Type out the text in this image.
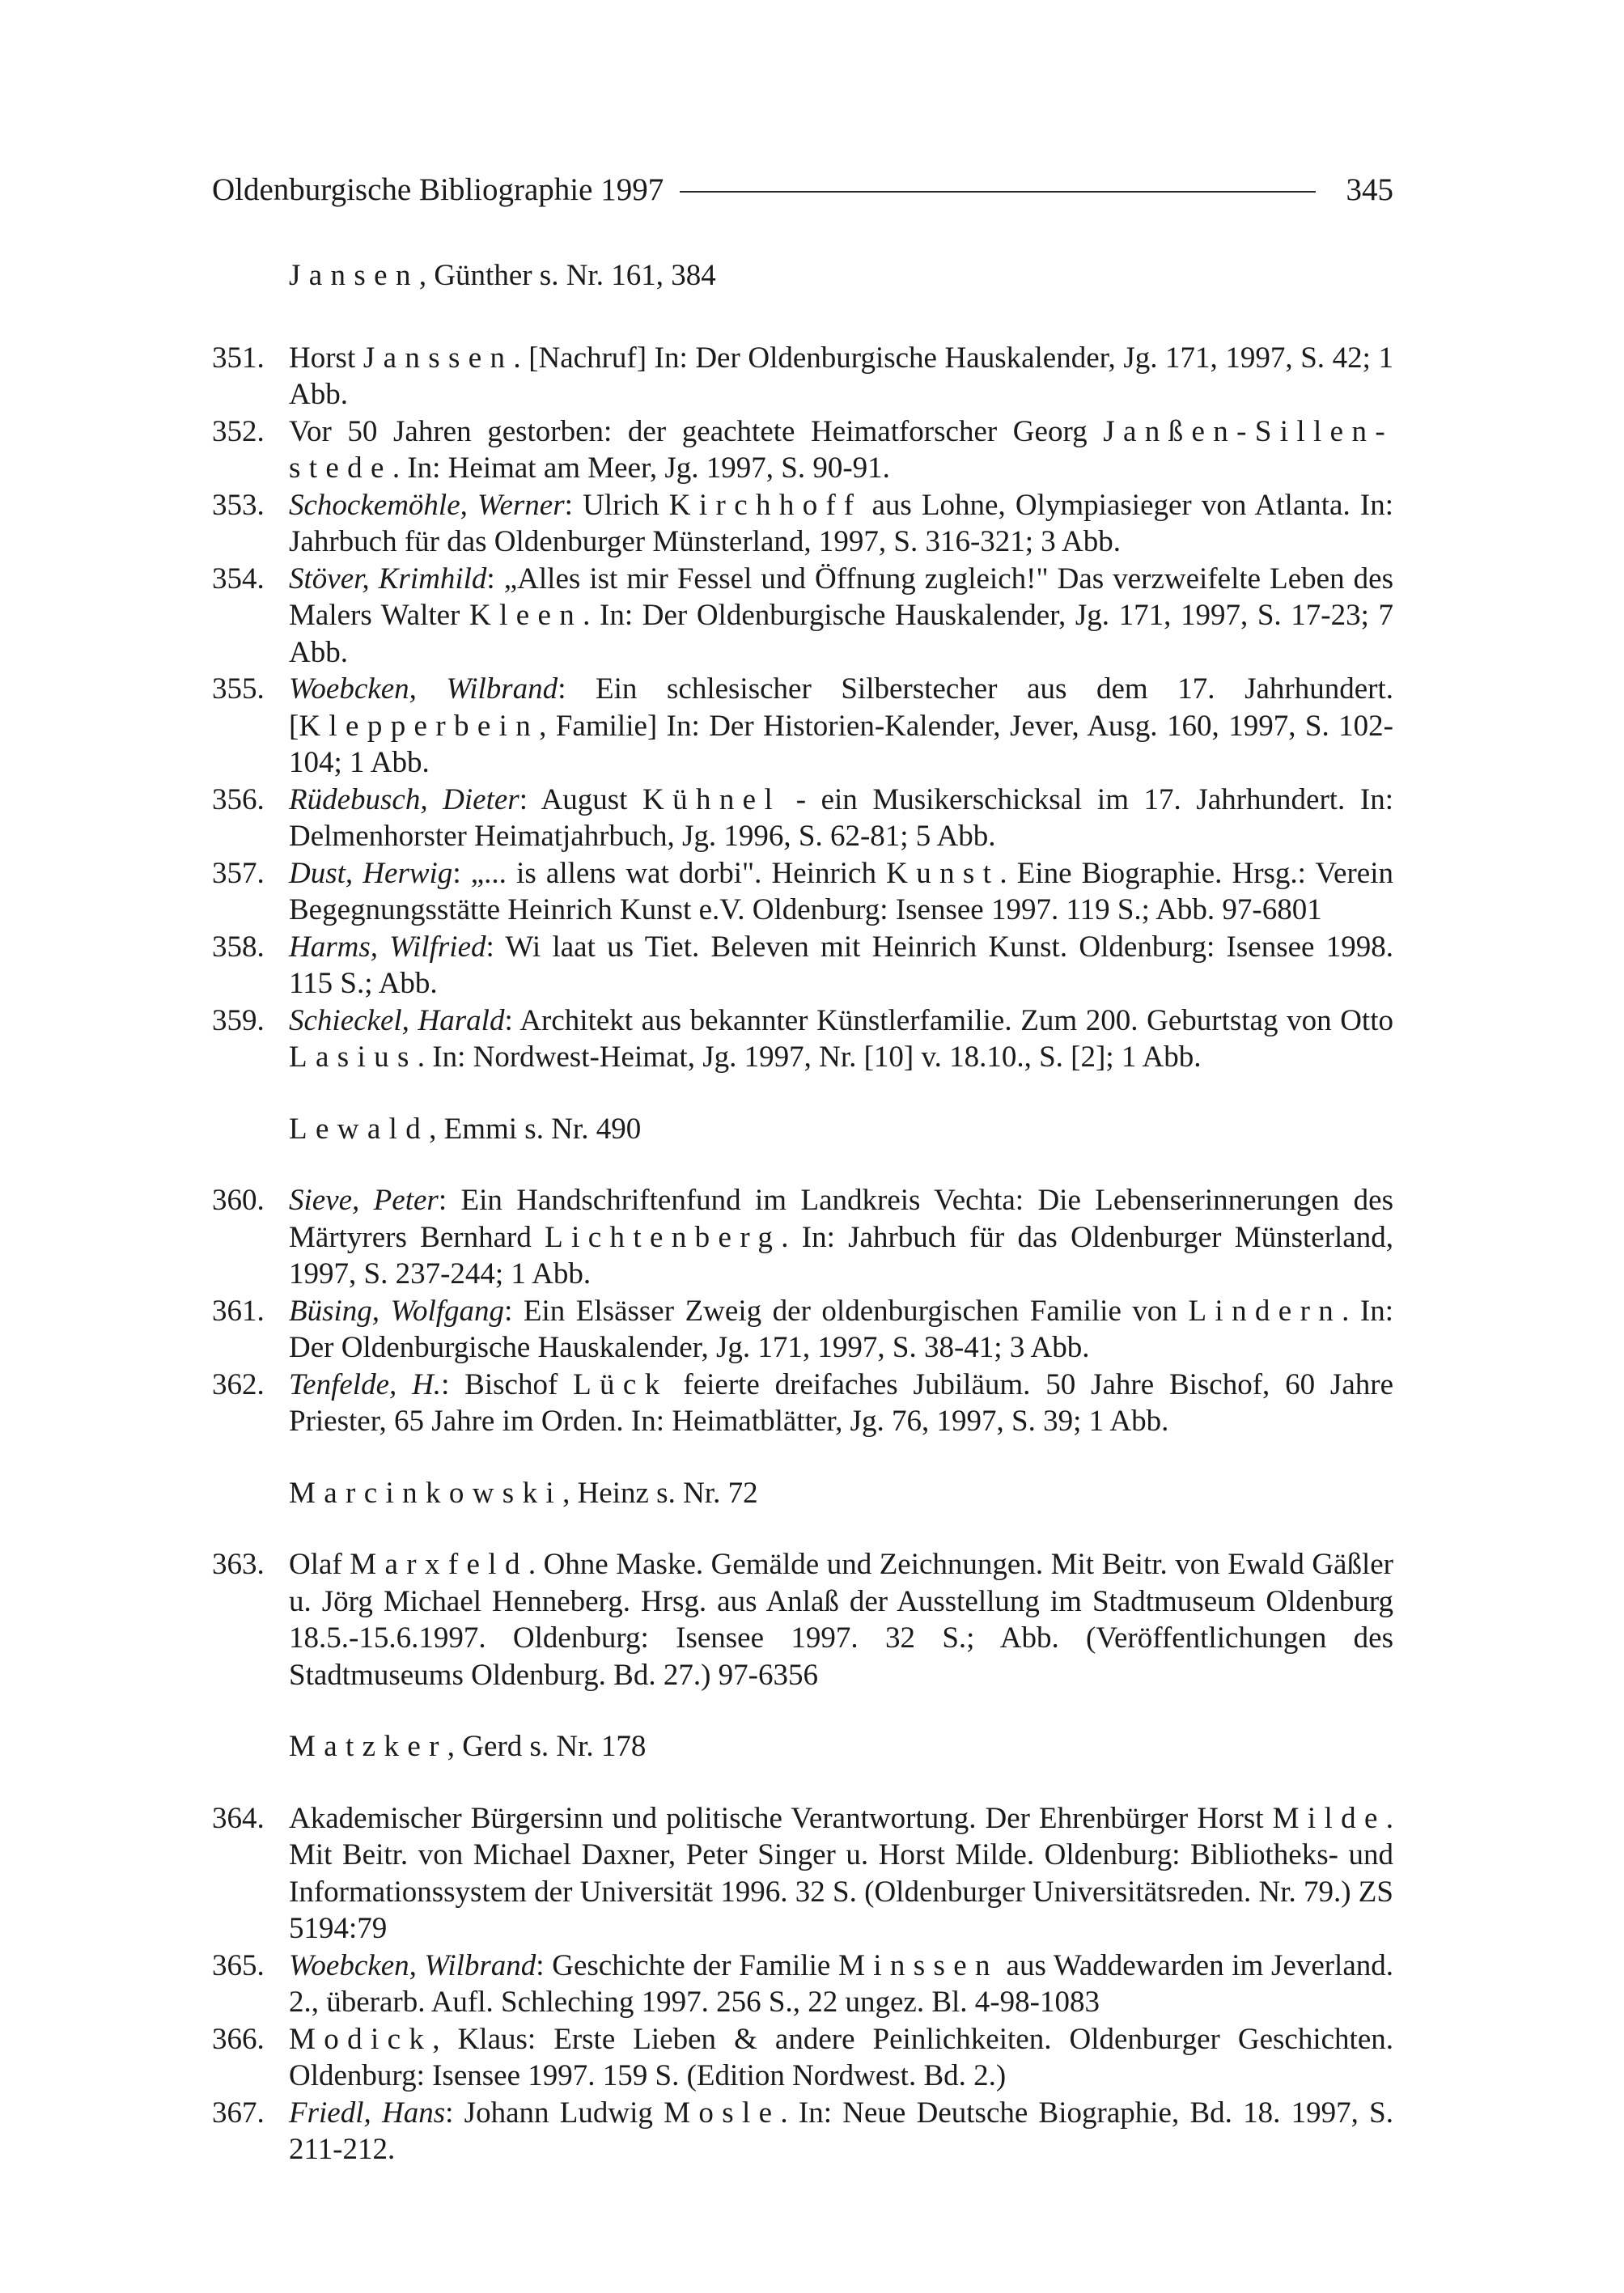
Oldenburgische Bibliographie 1997	345
Jansen, Günther s. Nr. 161, 384
351. Horst Janssen. [Nachruf] In: Der Oldenburgische Hauskalender, Jg. 171, 1997, S. 42; 1 Abb.
352. Vor 50 Jahren gestorben: der geachtete Heimatforscher Georg Janßen-Sillen-stede. In: Heimat am Meer, Jg. 1997, S. 90-91.
353. Schockemöhle, Werner: Ulrich Kirchhoff aus Lohne, Olympiasieger von Atlanta. In: Jahrbuch für das Oldenburger Münsterland, 1997, S. 316-321; 3 Abb.
354. Stöver, Krimhild: „Alles ist mir Fessel und Öffnung zugleich!" Das verzweifelte Leben des Malers Walter Kleen. In: Der Oldenburgische Hauskalender, Jg. 171, 1997, S. 17-23; 7 Abb.
355. Woebcken, Wilbrand: Ein schlesischer Silberstecher aus dem 17. Jahrhundert. [Klepperbein, Familie] In: Der Historien-Kalender, Jever, Ausg. 160, 1997, S. 102-104; 1 Abb.
356. Rüdebusch, Dieter: August Kühnel - ein Musikerschicksal im 17. Jahrhundert. In: Delmenhorster Heimatjahrbuch, Jg. 1996, S. 62-81; 5 Abb.
357. Dust, Herwig: „... is allens wat dorbi". Heinrich Kunst. Eine Biographie. Hrsg.: Verein Begegnungsstätte Heinrich Kunst e.V. Oldenburg: Isensee 1997. 119 S.; Abb. 97-6801
358. Harms, Wilfried: Wi laat us Tiet. Beleven mit Heinrich Kunst. Oldenburg: Isensee 1998. 115 S.; Abb.
359. Schieckel, Harald: Architekt aus bekannter Künstlerfamilie. Zum 200. Geburtstag von Otto Lasius. In: Nordwest-Heimat, Jg. 1997, Nr. [10] v. 18.10., S. [2]; 1 Abb.
Lewald, Emmi s. Nr. 490
360. Sieve, Peter: Ein Handschriftenfund im Landkreis Vechta: Die Lebenserinnerungen des Märtyrers Bernhard Lichtenberg. In: Jahrbuch für das Oldenburger Münsterland, 1997, S. 237-244; 1 Abb.
361. Büsing, Wolfgang: Ein Elsässer Zweig der oldenburgischen Familie von Lindern. In: Der Oldenburgische Hauskalender, Jg. 171, 1997, S. 38-41; 3 Abb.
362. Tenfelde, H.: Bischof Lück feierte dreifaches Jubiläum. 50 Jahre Bischof, 60 Jahre Priester, 65 Jahre im Orden. In: Heimatblätter, Jg. 76, 1997, S. 39; 1 Abb.
Marcinkowski, Heinz s. Nr. 72
363. Olaf Marxfeld. Ohne Maske. Gemälde und Zeichnungen. Mit Beitr. von Ewald Gäßler u. Jörg Michael Henneberg. Hrsg. aus Anlaß der Ausstellung im Stadtmuseum Oldenburg 18.5.-15.6.1997. Oldenburg: Isensee 1997. 32 S.; Abb. (Veröffentlichungen des Stadtmuseums Oldenburg. Bd. 27.) 97-6356
Matzker, Gerd s. Nr. 178
364. Akademischer Bürgersinn und politische Verantwortung. Der Ehrenbürger Horst Milde. Mit Beitr. von Michael Daxner, Peter Singer u. Horst Milde. Oldenburg: Bibliotheks- und Informationssystem der Universität 1996. 32 S. (Oldenburger Universitätsreden. Nr. 79.) ZS 5194:79
365. Woebcken, Wilbrand: Geschichte der Familie Minssen aus Waddewarden im Jeverland. 2., überarb. Aufl. Schleching 1997. 256 S., 22 ungez. Bl. 4-98-1083
366. Modick, Klaus: Erste Lieben & andere Peinlichkeiten. Oldenburger Geschichten. Oldenburg: Isensee 1997. 159 S. (Edition Nordwest. Bd. 2.)
367. Friedl, Hans: Johann Ludwig Mosle. In: Neue Deutsche Biographie, Bd. 18. 1997, S. 211-212.
